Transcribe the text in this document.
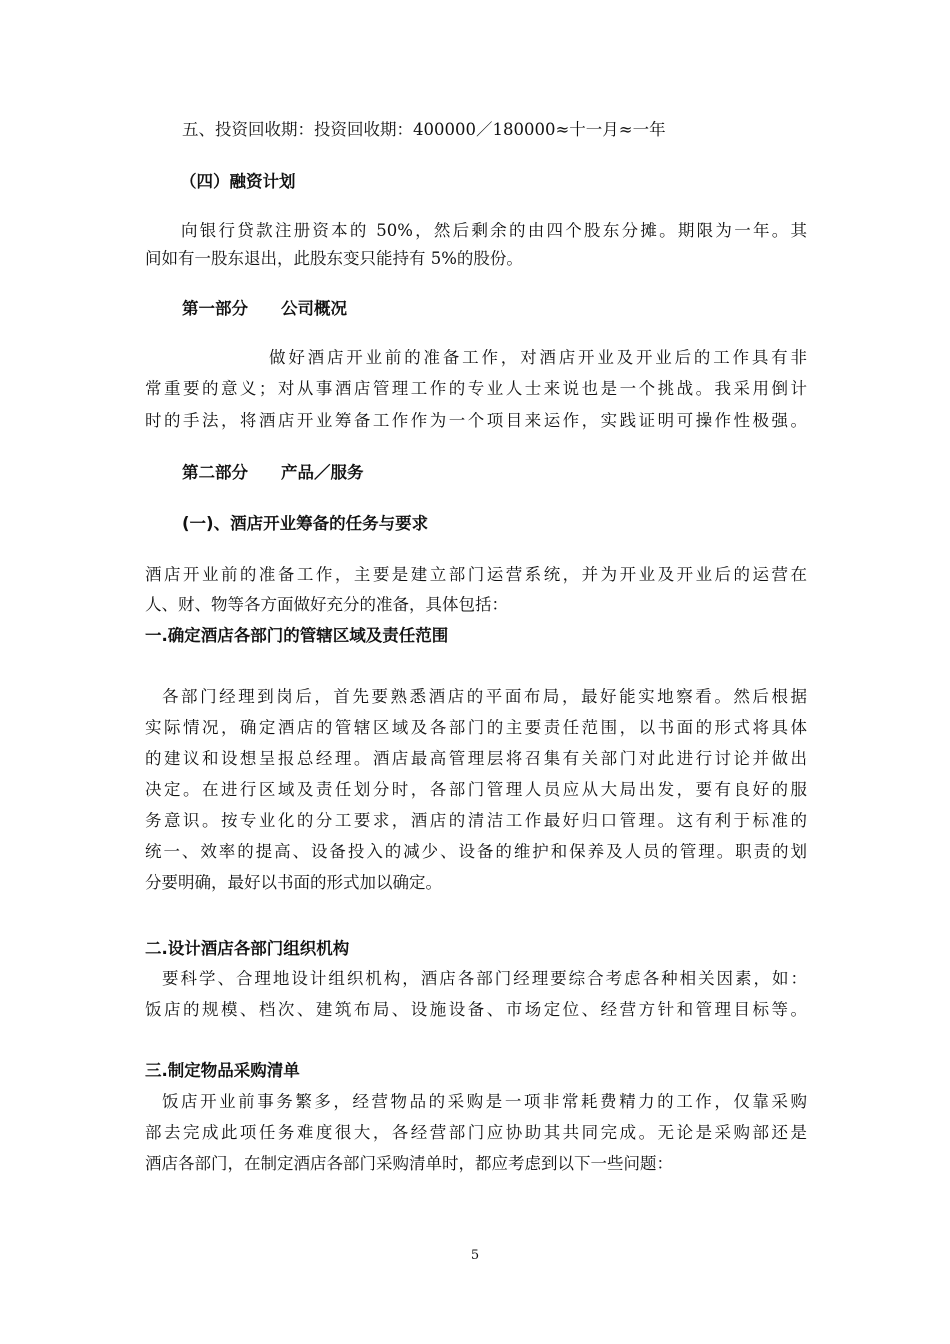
五、投资回收期：投资回收期：400000／180000≈十一月≈一年
（四）融资计划
向银行贷款注册资本的 50%，然后剩余的由四个股东分摊。期限为一年。其
间如有一股东退出，此股东变只能持有 5%的股份。
第一部分　　公司概况
做好酒店开业前的准备工作，对酒店开业及开业后的工作具有非
常重要的意义；对从事酒店管理工作的专业人士来说也是一个挑战。我采用倒计
时的手法，将酒店开业筹备工作作为一个项目来运作，实践证明可操作性极强。
第二部分　　产品／服务
(一)、酒店开业筹备的任务与要求
酒店开业前的准备工作，主要是建立部门运营系统，并为开业及开业后的运营在
人、财、物等各方面做好充分的准备，具体包括：
一.确定酒店各部门的管辖区域及责任范围
各部门经理到岗后，首先要熟悉酒店的平面布局，最好能实地察看。然后根据
实际情况，确定酒店的管辖区域及各部门的主要责任范围，以书面的形式将具体
的建议和设想呈报总经理。酒店最高管理层将召集有关部门对此进行讨论并做出
决定。在进行区域及责任划分时，各部门管理人员应从大局出发，要有良好的服
务意识。按专业化的分工要求，酒店的清洁工作最好归口管理。这有利于标准的
统一、效率的提高、设备投入的减少、设备的维护和保养及人员的管理。职责的划
分要明确，最好以书面的形式加以确定。
二.设计酒店各部门组织机构
要科学、合理地设计组织机构，酒店各部门经理要综合考虑各种相关因素，如：
饭店的规模、档次、建筑布局、设施设备、市场定位、经营方针和管理目标等。
三.制定物品采购清单
饭店开业前事务繁多，经营物品的采购是一项非常耗费精力的工作，仅靠采购
部去完成此项任务难度很大，各经营部门应协助其共同完成。无论是采购部还是
酒店各部门，在制定酒店各部门采购清单时，都应考虑到以下一些问题：
5
